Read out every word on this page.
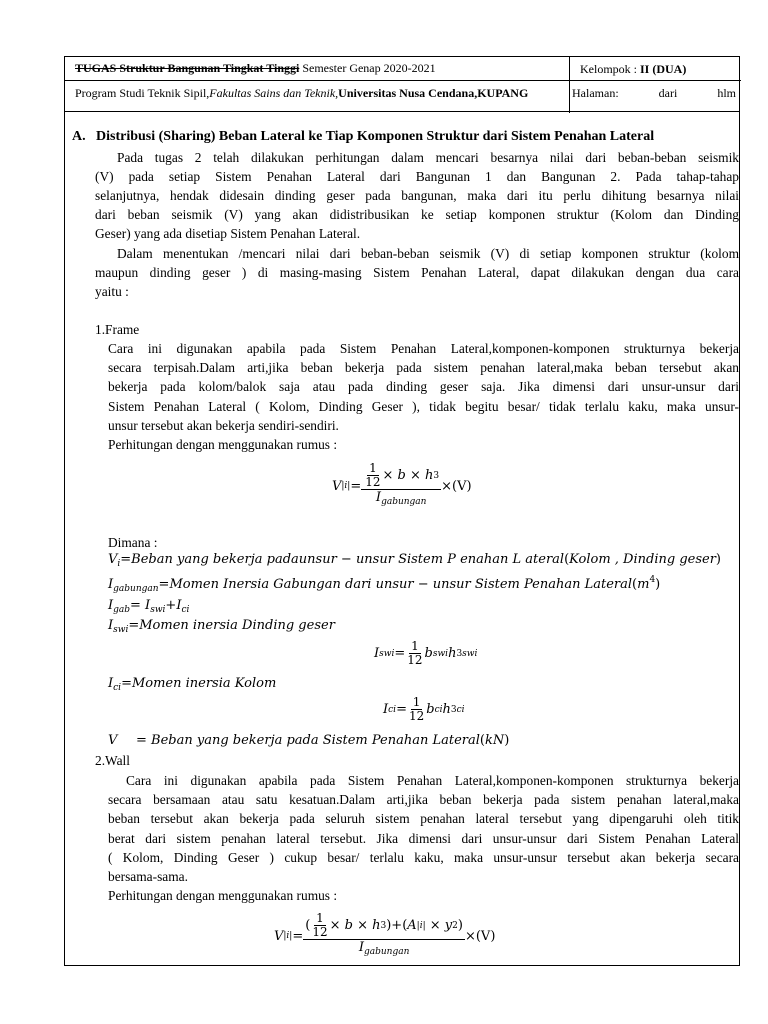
TUGAS Struktur Bangunan Tingkat Tinggi Semester Genap 2020-2021	Kelompok : II (DUA)
Program Studi Teknik Sipil,Fakultas Sains dan Teknik,Universitas Nusa Cendana,KUPANG	Halaman:	dari	hlm
A. Distribusi (Sharing) Beban Lateral ke Tiap Komponen Struktur dari Sistem Penahan Lateral
Pada tugas 2 telah dilakukan perhitungan dalam mencari besarnya nilai dari beban-beban seismik
(V) pada setiap Sistem Penahan Lateral dari Bangunan 1 dan Bangunan 2. Pada tahap-tahap
selanjutnya, hendak didesain dinding geser pada bangunan, maka dari itu perlu dihitung besarnya nilai
dari beban seismik (V) yang akan didistribusikan ke setiap komponen struktur (Kolom dan Dinding
Geser) yang ada disetiap Sistem Penahan Lateral.
Dalam menentukan /mencari nilai dari beban-beban seismik (V) di setiap komponen struktur (kolom
maupun dinding geser ) di masing-masing Sistem Penahan Lateral, dapat dilakukan dengan dua cara
yaitu :
1.Frame
Cara ini digunakan apabila pada Sistem Penahan Lateral,komponen-komponen strukturnya bekerja
secara terpisah.Dalam arti,jika beban bekerja pada sistem penahan lateral,maka beban tersebut akan
bekerja pada kolom/balok saja atau pada dinding geser saja. Jika dimensi dari unsur-unsur dari
Sistem Penahan Lateral ( Kolom, Dinding Geser ), tidak begitu besar/ tidak terlalu kaku, maka unsur-
unsur tersebut akan bekerja sendiri-sendiri.
Perhitungan dengan menggunakan rumus :
V $|i| = \frac{\frac{1}{12} \times b \times h 3}{I_{gabungan}} \times(V)$
Dimana :
$V_i=Beban$ yang bekerja padaunsur − unsur Sistem P enahan L ateral(Kolom , Dinding geser)
$I_{gabungan}=Momen$ Inersia Gabungan dari unsur − unsur Sistem Penahan $Lateral(m^4)$
$I_{gab}= I_{swi}+I_{ci}$
$I_{swi}=Momen$ inersia Dinding geser
I swi = $\frac{1}{12}$ b swi h 3 swi
$I_{ci}=Momen$ inersia Kolom
I ci = $\frac{1}{12}$ b ci h 3 ci
V = Beban yang bekerja pada Sistem Penahan Lateral(kN)
2.Wall
Cara ini digunakan apabila pada Sistem Penahan Lateral,komponen-komponen strukturnya bekerja
secara bersamaan atau satu kesatuan.Dalam arti,jika beban bekerja pada sistem penahan lateral,maka
beban tersebut akan bekerja pada seluruh sistem penahan lateral tersebut yang dipengaruhi oleh titik
berat dari sistem penahan lateral tersebut. Jika dimensi dari unsur-unsur dari Sistem Penahan Lateral
( Kolom, Dinding Geser ) cukup besar/ terlalu kaku, maka unsur-unsur tersebut akan bekerja secara
bersama-sama.
Perhitungan dengan menggunakan rumus :
V $|i| = \frac{( \frac{1}{12} \times b \times h 3 )+( A |i| \times y 2 )}{I_{gabungan}} \times(V)$
